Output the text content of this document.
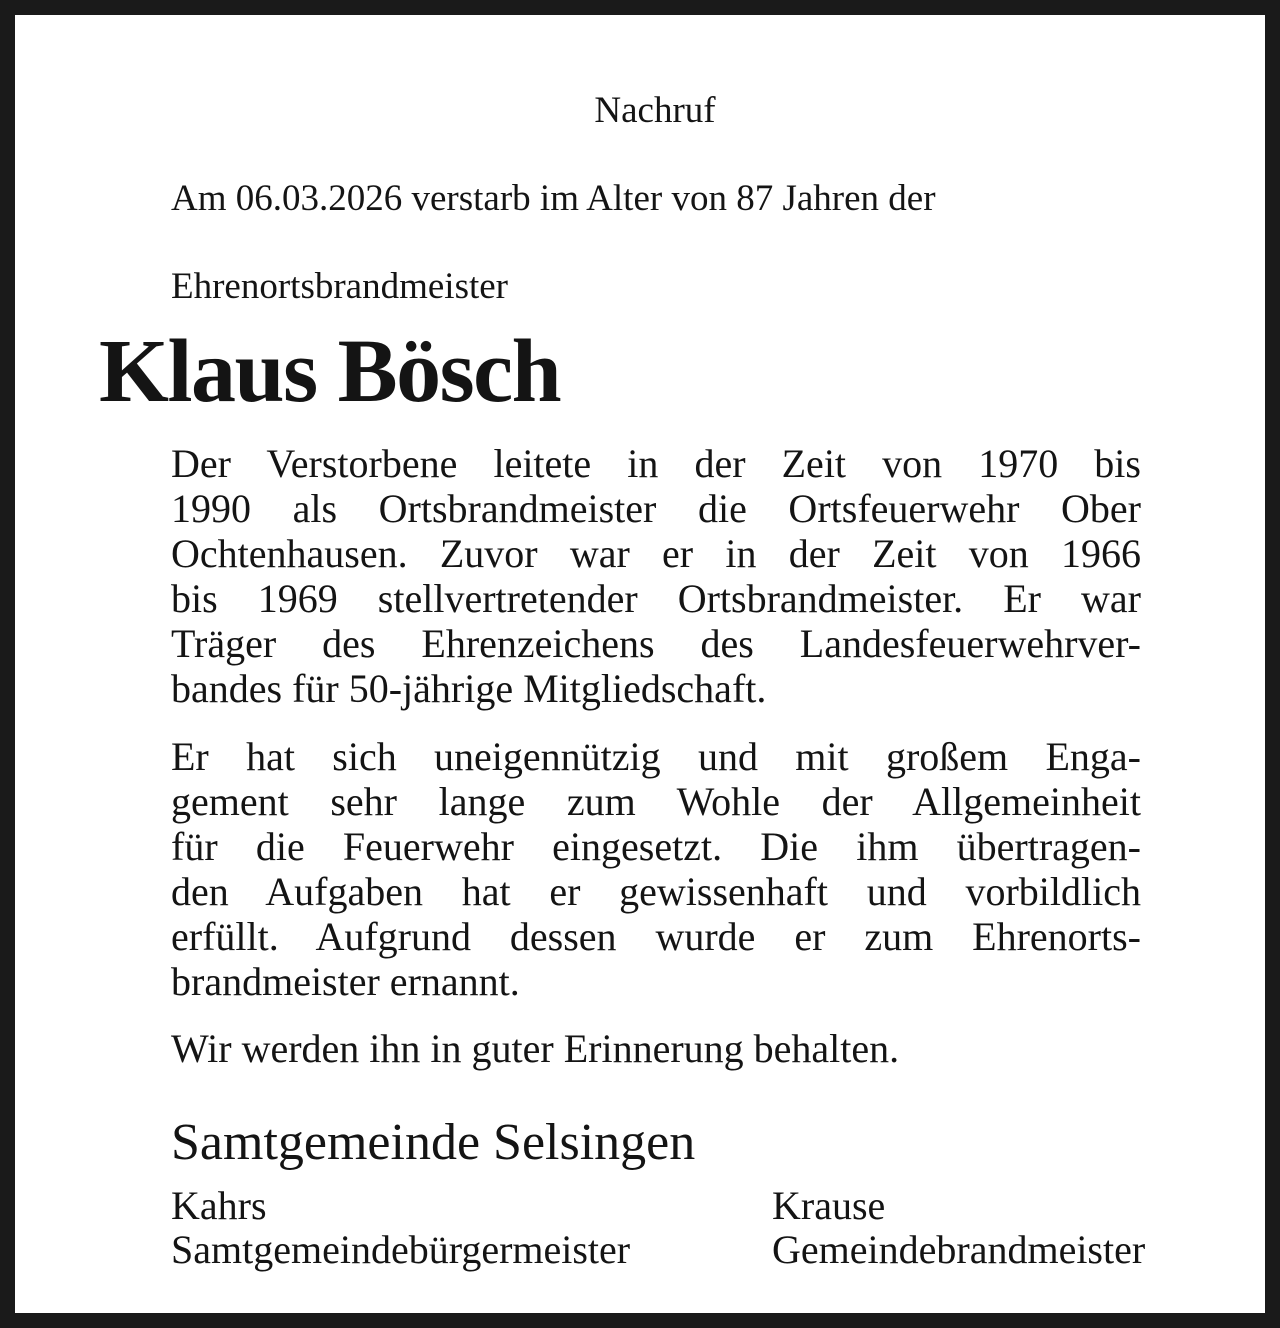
Nachruf

Am 06.03.2026 verstarb im Alter von 87 Jahren der

Ehrenortsbrandmeister

Klaus Bösch

Der Verstorbene leitete in der Zeit von 1970 bis
1990 als Ortsbrandmeister die Ortsfeuerwehr Ober
Ochtenhausen. Zuvor war er in der Zeit von 1966
bis 1969 stellvertretender Ortsbrandmeister. Er war
Träger des Ehrenzeichens des Landesfeuerwehrver-
bandes für 50-jährige Mitgliedschaft.
Er hat sich uneigennützig und mit großem Enga-
gement sehr lange zum Wohle der Allgemeinheit
für die Feuerwehr eingesetzt. Die ihm übertragen-
den Aufgaben hat er gewissenhaft und vorbildlich
erfüllt. Aufgrund dessen wurde er zum Ehrenorts-
brandmeister ernannt.
Wir werden ihn in guter Erinnerung behalten.

Samtgemeinde Selsingen

Kahrs

Samtgemeindebürgermeister

Krause

Gemeindebrandmeister
